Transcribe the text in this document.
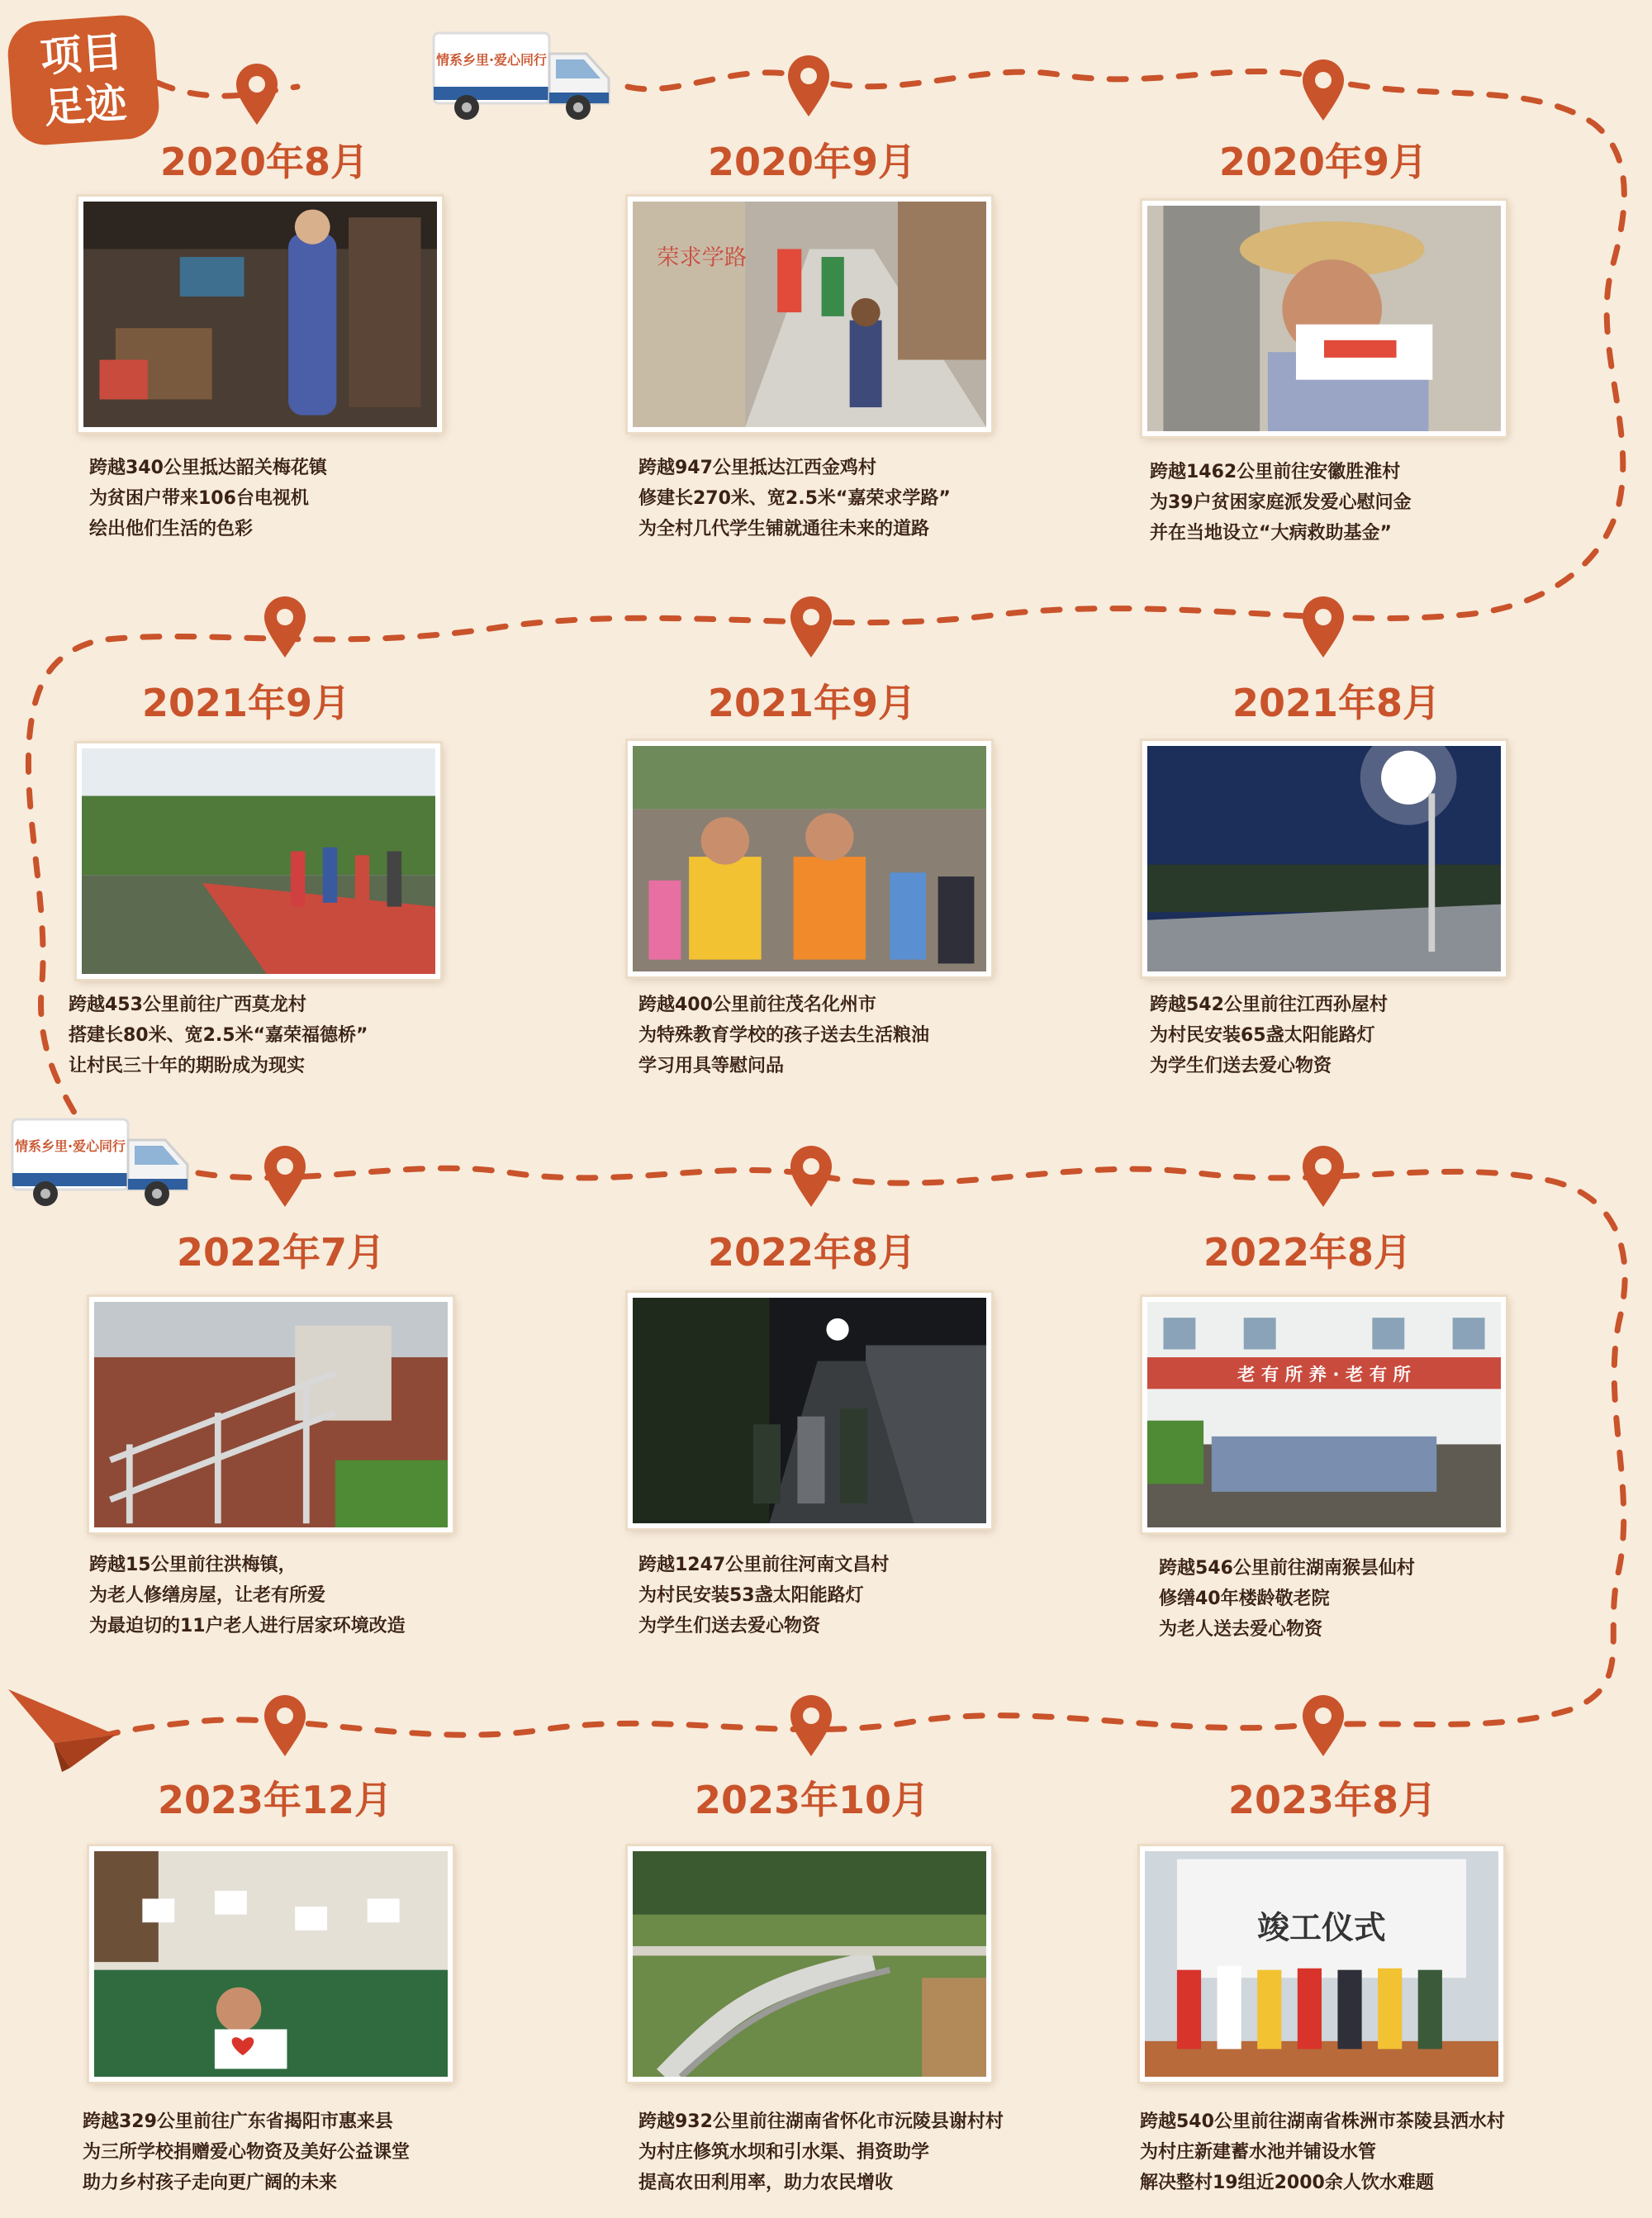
项目
足迹
情系乡里·爱心同行
情系乡里·爱心同行
2020年8月
跨越340公里抵达韶关梅花镇
为贫困户带来106台电视机
绘出他们生活的色彩
2020年9月
荣求学路
跨越947公里抵达江西金鸡村
修建长270米、宽2.5米“嘉荣求学路”
为全村几代学生铺就通往未来的道路
2020年9月
跨越1462公里前往安徽胜淮村
为39户贫困家庭派发爱心慰问金
并在当地设立“大病救助基金”
2021年9月
跨越453公里前往广西莫龙村
搭建长80米、宽2.5米“嘉荣福德桥”
让村民三十年的期盼成为现实
2021年9月
跨越400公里前往茂名化州市
为特殊教育学校的孩子送去生活粮油
学习用具等慰问品
2021年8月
跨越542公里前往江西孙屋村
为村民安装65盏太阳能路灯
为学生们送去爱心物资
2022年7月
跨越15公里前往洪梅镇，
为老人修缮房屋，让老有所爱
为最迫切的11户老人进行居家环境改造
2022年8月
跨越1247公里前往河南文昌村
为村民安装53盏太阳能路灯
为学生们送去爱心物资
2022年8月
老 有 所 养 · 老 有 所
跨越546公里前往湖南猴昙仙村
修缮40年楼龄敬老院
为老人送去爱心物资
2023年12月
跨越329公里前往广东省揭阳市惠来县
为三所学校捐赠爱心物资及美好公益课堂
助力乡村孩子走向更广阔的未来
2023年10月
跨越932公里前往湖南省怀化市沅陵县谢村村
为村庄修筑水坝和引水渠、捐资助学
提高农田利用率，助力农民增收
2023年8月
竣工仪式
跨越540公里前往湖南省株洲市茶陵县洒水村
为村庄新建蓄水池并铺设水管
解决整村19组近2000余人饮水难题
